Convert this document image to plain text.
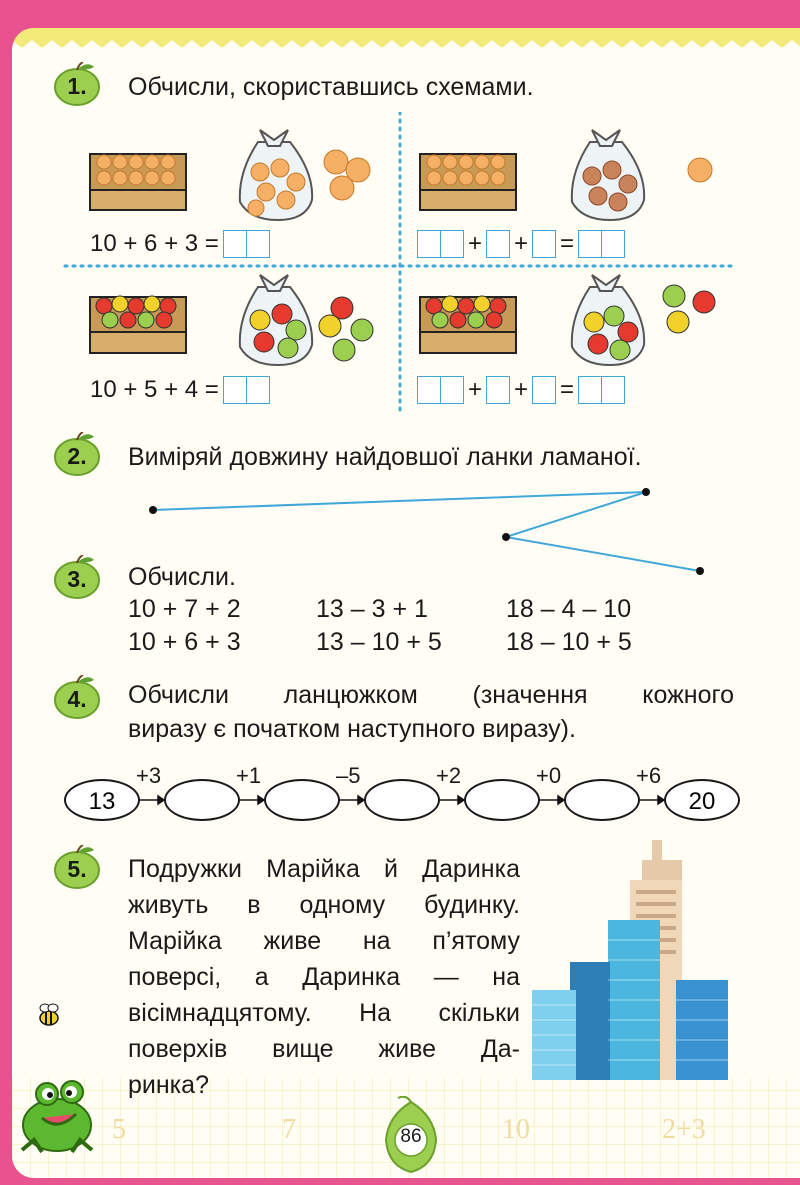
5	7	10	2+3
1.	Обчисли, скориставшись схемами.
10 + 6 + 3 =	+ + =
10 + 5 + 4 =	+ + =
2.	Виміряй довжину найдовшої ланки ламаної.
3.	Обчисли.
10 + 7 + 2	13 – 3 + 1	18 – 4 – 10
10 + 6 + 3	13 – 10 + 5	18 – 10 + 5
4.	Обчисли ланцюжком (значення кожного
виразу є початком наступного виразу).
13	20
+3	+1	–5	+2	+0	+6
5.	Подружки Марійка й Даринка
живуть в одному будинку.
Марійка живе на п’ятому
поверсі, а Даринка — на
вісімнадцятому. На скільки
поверхів вище живе Да-
ринка?
86
